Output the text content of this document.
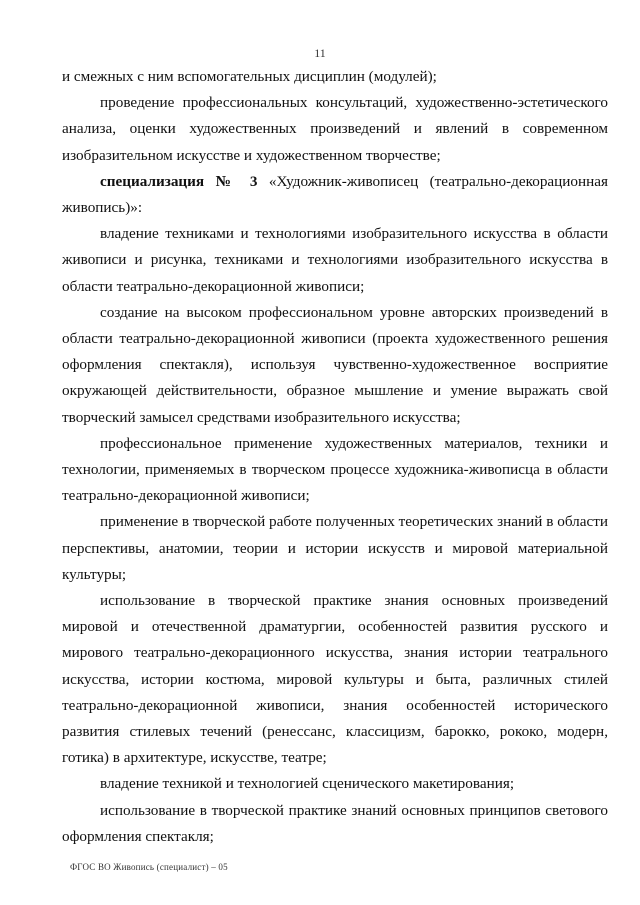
11

и смежных с ним вспомогательных дисциплин (модулей);

проведение профессиональных консультаций, художественно-эстетического анализа, оценки художественных произведений и явлений в современном изобразительном искусстве и художественном творчестве;

специализация № 3 «Художник-живописец (театрально-декорационная живопись)»:

владение техниками и технологиями изобразительного искусства в области живописи и рисунка, техниками и технологиями изобразительного искусства в области театрально-декорационной живописи;

создание на высоком профессиональном уровне авторских произведений в области театрально-декорационной живописи (проекта художественного решения оформления спектакля), используя чувственно-художественное восприятие окружающей действительности, образное мышление и умение выражать свой творческий замысел средствами изобразительного искусства;

профессиональное применение художественных материалов, техники и технологии, применяемых в творческом процессе художника-живописца в области театрально-декорационной живописи;

применение в творческой работе полученных теоретических знаний в области перспективы, анатомии, теории и истории искусств и мировой материальной культуры;

использование в творческой практике знания основных произведений мировой и отечественной драматургии, особенностей развития русского и мирового театрально-декорационного искусства, знания истории театрального искусства, истории костюма, мировой культуры и быта, различных стилей театрально-декорационной живописи, знания особенностей исторического развития стилевых течений (ренессанс, классицизм, барокко, рококо, модерн, готика) в архитектуре, искусстве, театре;

владение техникой и технологией сценического макетирования;

использование в творческой практике знаний основных принципов светового оформления спектакля;

ФГОС ВО Живопись (специалист) – 05
